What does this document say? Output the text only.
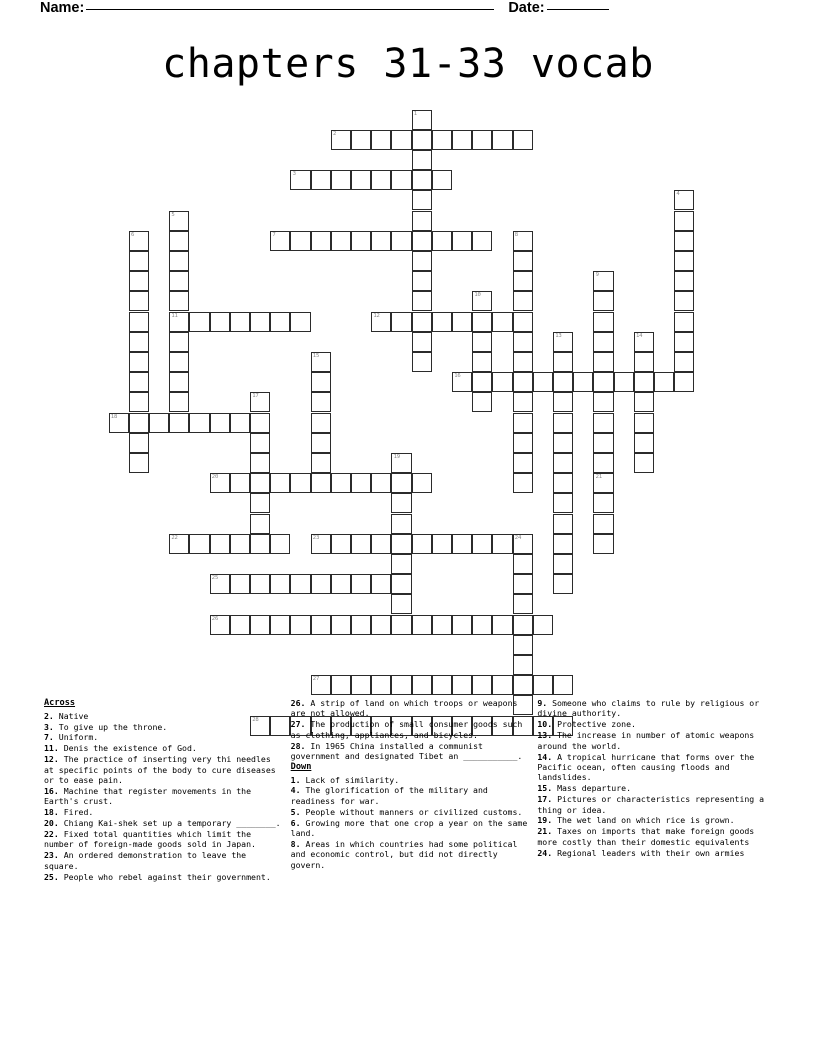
Name:	Date:
chapters 31-33 vocab
1
2
3
4
5
11
6	7	8
9
21
10
12
13	14
15
16
17
18
19
20
22	23	24
25
26
27
28
Across
2. Native
3. To give up the throne.
7. Uniform.
11. Denis the existence of God.
12. The practice of inserting very thi needles at specific points of the body to cure diseases or to ease pain.
16. Machine that register movements in the Earth's crust.
18. Fired.
20. Chiang Kai-shek set up a temporary ________.
22. Fixed total quantities which limit the number of foreign-made goods sold in Japan.
23. An ordered demonstration to leave the square.
25. People who rebel against their government.
26. A strip of land on which troops or weapons are not allowed.
27. The production of small consumer goods such as clothing, appliances, and bicycles.
28. In 1965 China installed a communist government and designated Tibet an ___________.
Down
1. Lack of similarity.
4. The glorification of the military and readiness for war.
5. People without manners or civilized customs.
6. Growing more that one crop a year on the same land.
8. Areas in which countries had some political and economic control, but did not directly govern.
9. Someone who claims to rule by religious or divine authority.
10. Protective zone.
13. The increase in number of atomic weapons around the world.
14. A tropical hurricane that forms over the Pacific ocean, often causing floods and landslides.
15. Mass departure.
17. Pictures or characteristics representing a thing or idea.
19. The wet land on which rice is grown.
21. Taxes on imports that make foreign goods more costly than their domestic equivalents
24. Regional leaders with their own armies
